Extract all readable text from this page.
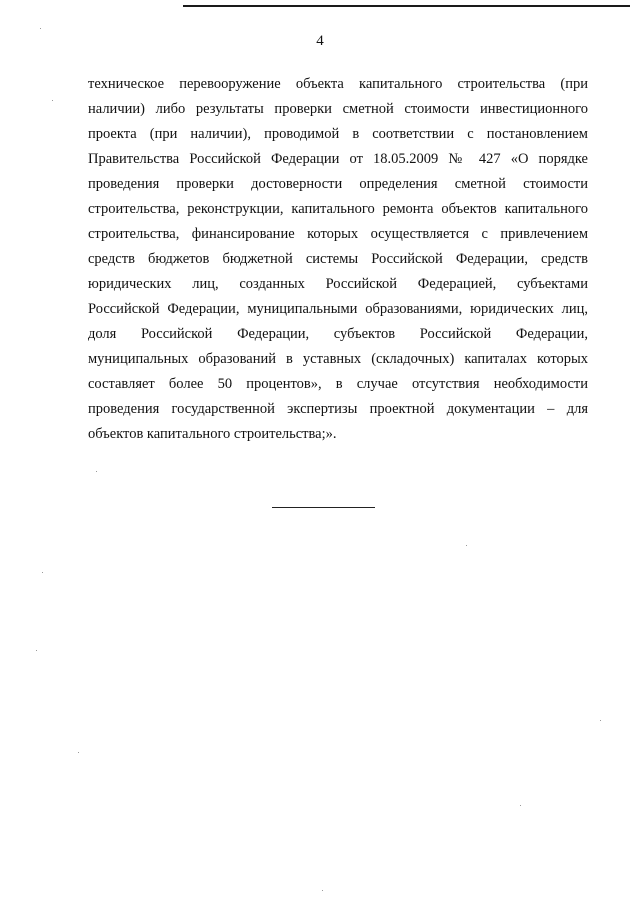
4
техническое перевооружение объекта капитального строительства (при
наличии) либо результаты проверки сметной стоимости инвестиционного
проекта (при наличии), проводимой в соответствии с постановлением
Правительства Российской Федерации от 18.05.2009 № 427 «О порядке
проведения проверки достоверности определения сметной стоимости
строительства, реконструкции, капитального ремонта объектов капитального
строительства, финансирование которых осуществляется с привлечением
средств бюджетов бюджетной системы Российской Федерации, средств
юридических лиц, созданных Российской Федерацией, субъектами
Российской Федерации, муниципальными образованиями, юридических лиц,
доля Российской Федерации, субъектов Российской Федерации,
муниципальных образований в уставных (складочных) капиталах которых
составляет более 50 процентов», в случае отсутствия необходимости
проведения государственной экспертизы проектной документации – для
объектов капитального строительства;».
